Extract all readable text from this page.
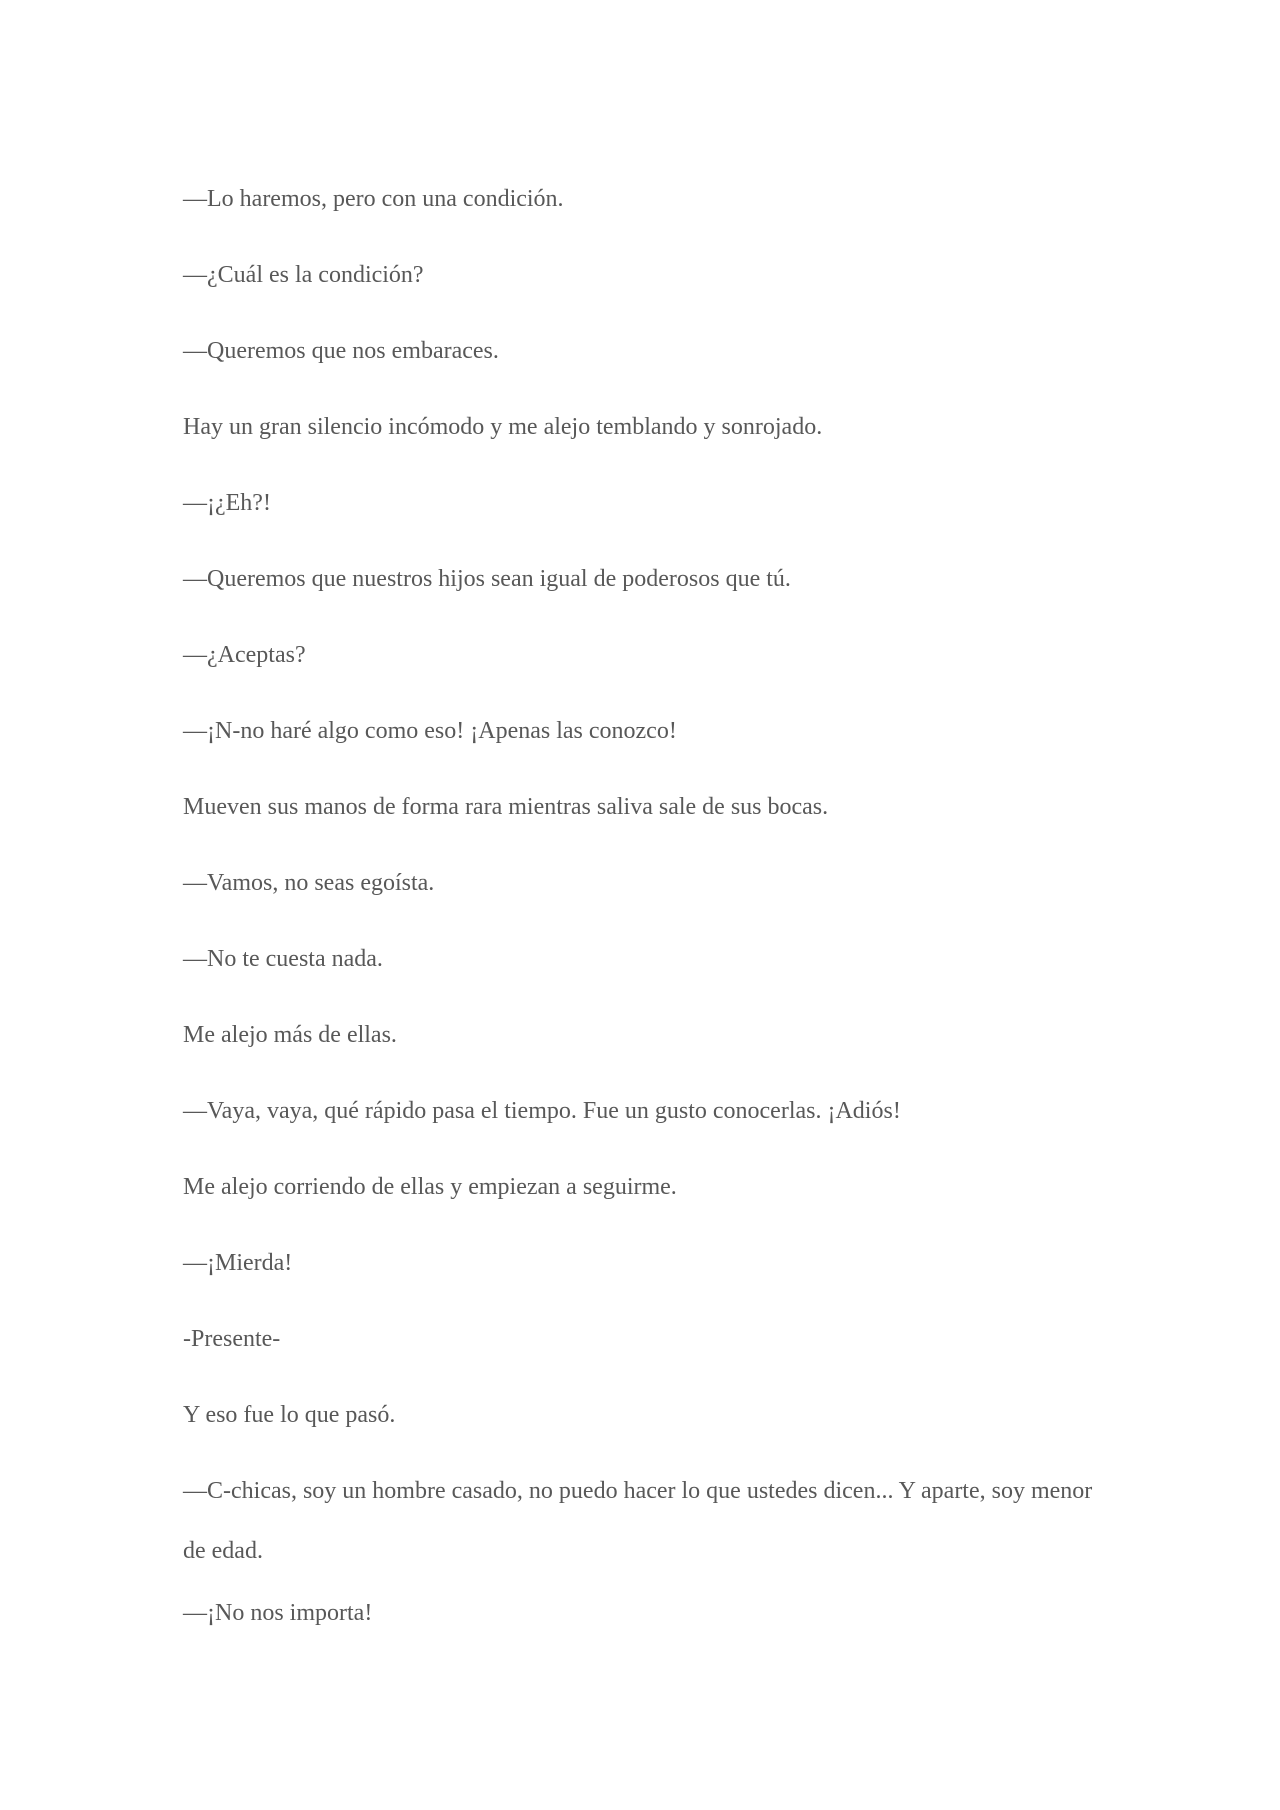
—Lo haremos, pero con una condición.

—¿Cuál es la condición?

—Queremos que nos embaraces.

Hay un gran silencio incómodo y me alejo temblando y sonrojado.

—¡¿Eh?!

—Queremos que nuestros hijos sean igual de poderosos que tú.

—¿Aceptas?

—¡N-no haré algo como eso! ¡Apenas las conozco!

Mueven sus manos de forma rara mientras saliva sale de sus bocas.

—Vamos, no seas egoísta.

—No te cuesta nada.

Me alejo más de ellas.

—Vaya, vaya, qué rápido pasa el tiempo. Fue un gusto conocerlas. ¡Adiós!

Me alejo corriendo de ellas y empiezan a seguirme.

—¡Mierda!

-Presente-

Y eso fue lo que pasó.

—C-chicas, soy un hombre casado, no puedo hacer lo que ustedes dicen... Y aparte, soy menor de edad.

—¡No nos importa!
